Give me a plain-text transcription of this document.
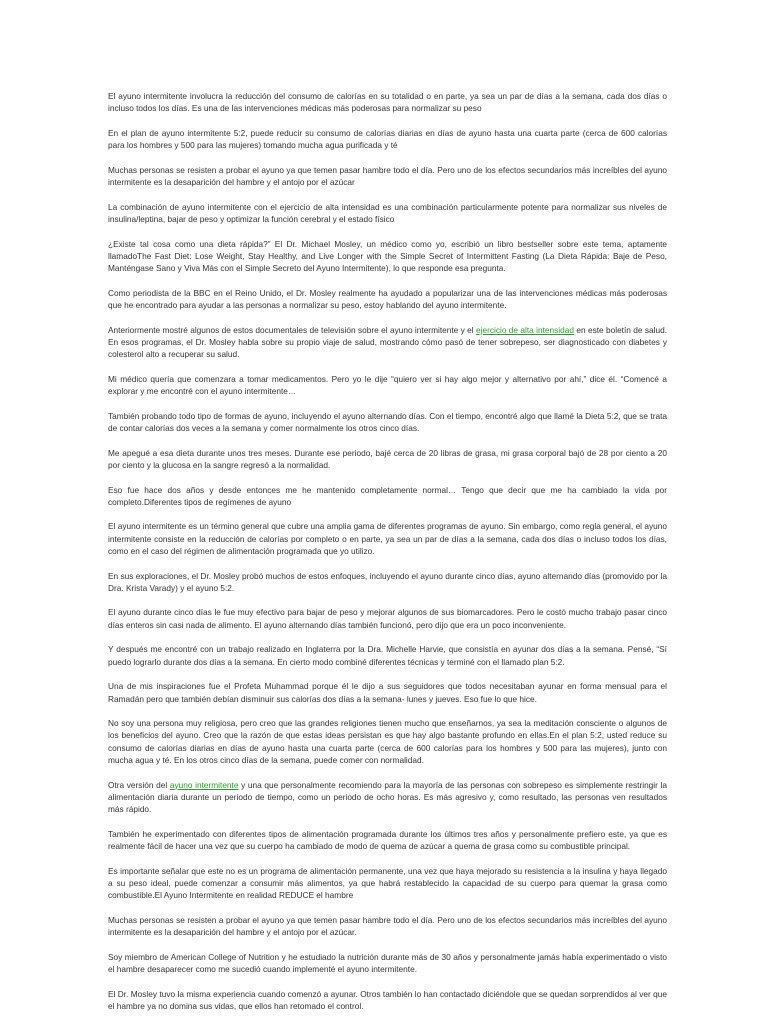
El ayuno intermitente involucra la reducción del consumo de calorías en su totalidad o en parte, ya sea un par de días a la semana, cada dos días o incluso todos los días. Es una de las intervenciones médicas más poderosas para normalizar su peso

En el plan de ayuno intermitente 5:2, puede reducir su consumo de calorías diarias en días de ayuno hasta una cuarta parte (cerca de 600 calorías para los hombres y 500 para las mujeres) tomando mucha agua purificada y té

Muchas personas se resisten a probar el ayuno ya que temen pasar hambre todo el día. Pero uno de los efectos secundarios más increíbles del ayuno intermitente es la desaparición del hambre y el antojo por el azúcar

La combinación de ayuno intermitente con el ejercicio de alta intensidad es una combinación particularmente potente para normalizar sus niveles de insulina/leptina, bajar de peso y optimizar la función cerebral y el estado físico

¿Existe tal cosa como una dieta rápida?” El Dr. Michael Mosley, un médico como yo, escribió un libro bestseller sobre este tema, aptamente llamadoThe Fast Diet: Lose Weight, Stay Healthy, and Live Longer with the Simple Secret of Intermittent Fasting (La Dieta Rápida: Baje de Peso, Manténgase Sano y Viva Más con el Simple Secreto del Ayuno Intermitente), lo que responde esa pregunta.

Como periodista de la BBC en el Reino Unido, el Dr. Mosley realmente ha ayudado a popularizar una de las intervenciones médicas más poderosas que he encontrado para ayudar a las personas a normalizar su peso, estoy hablando del ayuno intermitente.

Anteriormente mostré algunos de estos documentales de televisión sobre el ayuno intermitente y el ejercicio de alta intensidad en este boletín de salud. En esos programas, el Dr. Mosley habla sobre su propio viaje de salud, mostrando cómo pasó de tener sobrepeso, ser diagnosticado con diabetes y colesterol alto a recuperar su salud.

Mi médico quería que comenzara a tomar medicamentos. Pero yo le dije “quiero ver si hay algo mejor y alternativo por ahí,” dice él. “Comencé a explorar y me encontré con el ayuno intermitente…

También probando todo tipo de formas de ayuno, incluyendo el ayuno alternando días. Con el tiempo, encontré algo que llamé la Dieta 5:2, que se trata de contar calorías dos veces a la semana y comer normalmente los otros cinco días.

Me apegué a esa dieta durante unos tres meses. Durante ese periodo, bajé cerca de 20 libras de grasa, mi grasa corporal bajó de 28 por ciento a 20 por ciento y la glucosa en la sangre regresó a la normalidad.

Eso fue hace dos años y desde entonces me he mantenido completamente normal… Tengo que decir que me ha cambiado la vida por completo.Diferentes tipos de regímenes de ayuno

El ayuno intermitente es un término general que cubre una amplia gama de diferentes programas de ayuno. Sin embargo, como regla general, el ayuno intermitente consiste en la reducción de calorías por completo o en parte, ya sea un par de días a la semana, cada dos días o incluso todos los días, como en el caso del régimen de alimentación programada que yo utilizo.

En sus exploraciones, el Dr. Mosley probó muchos de estos enfoques, incluyendo el ayuno durante cinco días, ayuno alternando días (promovido por la Dra. Krista Varady) y el ayuno 5:2.

El ayuno durante cinco días le fue muy efectivo para bajar de peso y mejorar algunos de sus biomarcadores. Pero le costó mucho trabajo pasar cinco días enteros sin casi nada de alimento. El ayuno alternando días también funcionó, pero dijo que era un poco inconveniente.

Y después me encontré con un trabajo realizado en Inglaterra por la Dra. Michelle Harvie, que consistía en ayunar dos días a la semana. Pensé, “Sí puedo lograrlo durante dos días a la semana. En cierto modo combiné diferentes técnicas y terminé con el llamado plan 5:2.

Una de mis inspiraciones fue el Profeta Muhammad porque él le dijo a sus seguidores que todos necesitaban ayunar en forma mensual para el Ramadán pero que también debían disminuir sus calorías dos días a la semana- lunes y jueves. Eso fue lo que hice.

No soy una persona muy religiosa, pero creo que las grandes religiones tienen mucho que enseñarnos, ya sea la meditación consciente o algunos de los beneficios del ayuno. Creo que la razón de que estas ideas persistan es que hay algo bastante profundo en ellas.En el plan 5:2, usted reduce su consumo de calorías diarias en días de ayuno hasta una cuarta parte (cerca de 600 calorías para los hombres y 500 para las mujeres), junto con mucha agua y té. En los otros cinco días de la semana, puede comer con normalidad.

Otra versión del ayuno intermitente y una que personalmente recomiendo para la mayoría de las personas con sobrepeso es simplemente restringir la alimentación diaria durante un periodo de tiempo, como un periodo de ocho horas. Es más agresivo y, como resultado, las personas ven resultados más rápido.

También he experimentado con diferentes tipos de alimentación programada durante los últimos tres años y personalmente prefiero este, ya que es realmente fácil de hacer una vez que su cuerpo ha cambiado de modo de quema de azúcar a quema de grasa como su combustible principal.

Es importante señalar que este no es un programa de alimentación permanente, una vez que haya mejorado su resistencia a la insulina y haya llegado a su peso ideal, puede comenzar a consumir más alimentos, ya que habrá restablecido la capacidad de su cuerpo para quemar la grasa como combustible.El Ayuno Intermitente en realidad REDUCE el hambre

Muchas personas se resisten a probar el ayuno ya que temen pasar hambre todo el día. Pero uno de los efectos secundarios más increíbles del ayuno intermitente es la desaparición del hambre y el antojo por el azúcar.

Soy miembro de American College of Nutrition y he estudiado la nutrición durante más de 30 años y personalmente jamás había experimentado o visto el hambre desaparecer como me sucedió cuando implementé el ayuno intermitente.

El Dr. Mosley tuvo la misma experiencia cuando comenzó a ayunar. Otros también lo han contactado diciéndole que se quedan sorprendidos al ver que el hambre ya no domina sus vidas, que ellos han retomado el control.
